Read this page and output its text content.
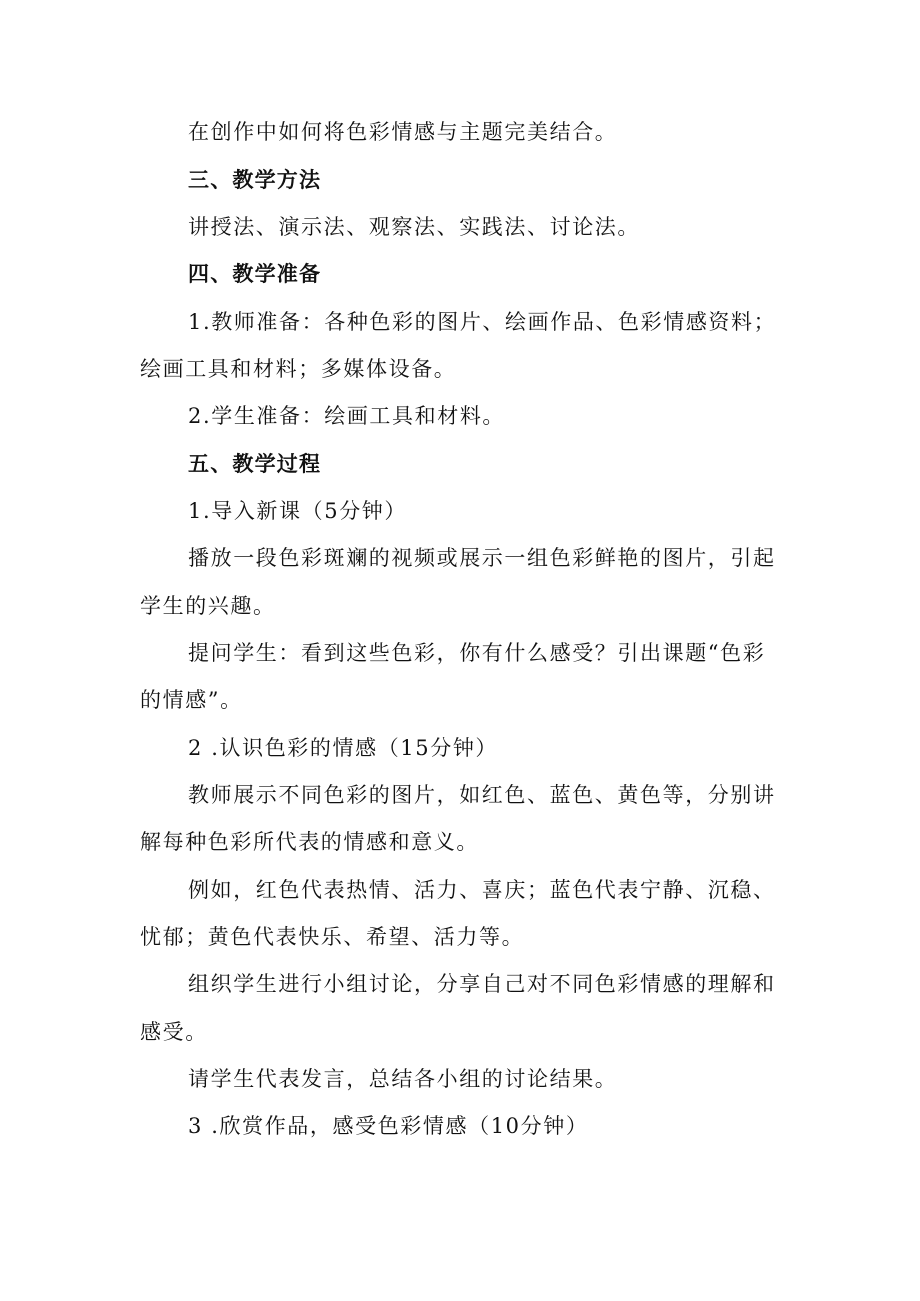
在创作中如何将色彩情感与主题完美结合。
三、教学方法
讲授法、演示法、观察法、实践法、讨论法。
四、教学准备
1.教师准备：各种色彩的图片、绘画作品、色彩情感资料；
绘画工具和材料；多媒体设备。
2.学生准备：绘画工具和材料。
五、教学过程
1.导入新课（5分钟）
播放一段色彩斑斓的视频或展示一组色彩鲜艳的图片，引起
学生的兴趣。
提问学生：看到这些色彩，你有什么感受？引出课题“色彩
的情感”。
2 .认识色彩的情感（15分钟）
教师展示不同色彩的图片，如红色、蓝色、黄色等，分别讲
解每种色彩所代表的情感和意义。
例如，红色代表热情、活力、喜庆；蓝色代表宁静、沉稳、
忧郁；黄色代表快乐、希望、活力等。
组织学生进行小组讨论，分享自己对不同色彩情感的理解和
感受。
请学生代表发言，总结各小组的讨论结果。
3 .欣赏作品，感受色彩情感（10分钟）
